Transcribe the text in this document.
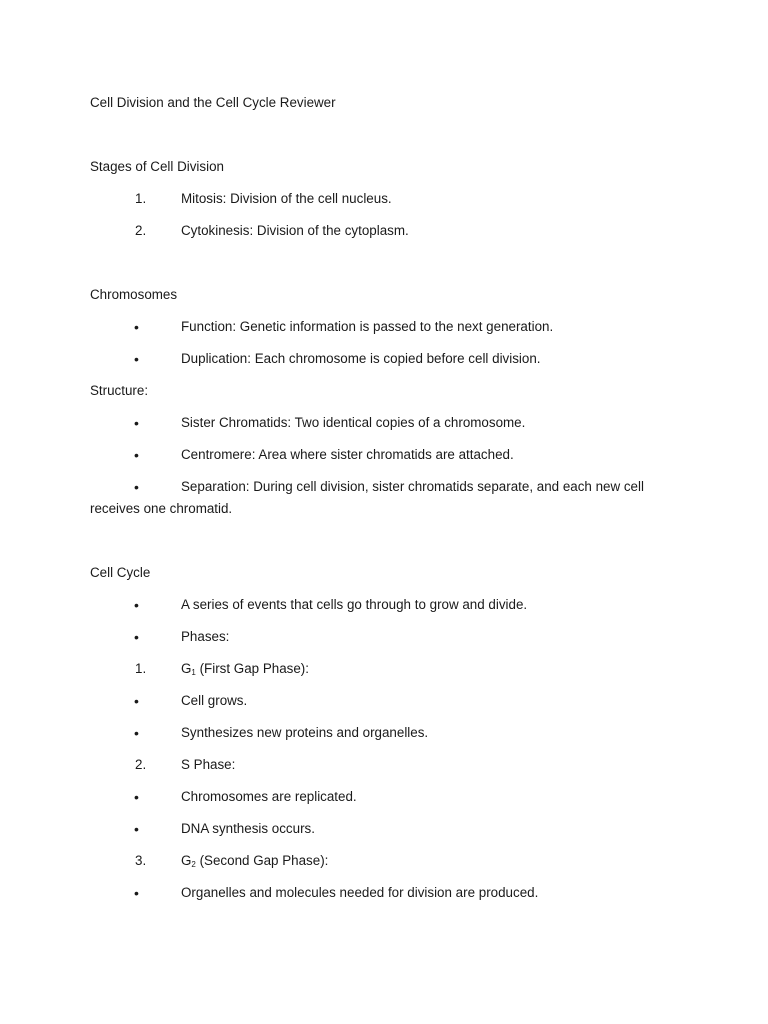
Cell Division and the Cell Cycle Reviewer
Stages of Cell Division
1.	Mitosis: Division of the cell nucleus.
2.	Cytokinesis: Division of the cytoplasm.
Chromosomes
•	Function: Genetic information is passed to the next generation.
•	Duplication: Each chromosome is copied before cell division.
Structure:
•	Sister Chromatids: Two identical copies of a chromosome.
•	Centromere: Area where sister chromatids are attached.
•	Separation: During cell division, sister chromatids separate, and each new cell
receives one chromatid.
Cell Cycle
•	A series of events that cells go through to grow and divide.
•	Phases:
1.	$G_1$ (First Gap Phase):
•	Cell grows.
•	Synthesizes new proteins and organelles.
2.	S Phase:
•	Chromosomes are replicated.
•	DNA synthesis occurs.
3.	$G_2$ (Second Gap Phase):
•	Organelles and molecules needed for division are produced.
